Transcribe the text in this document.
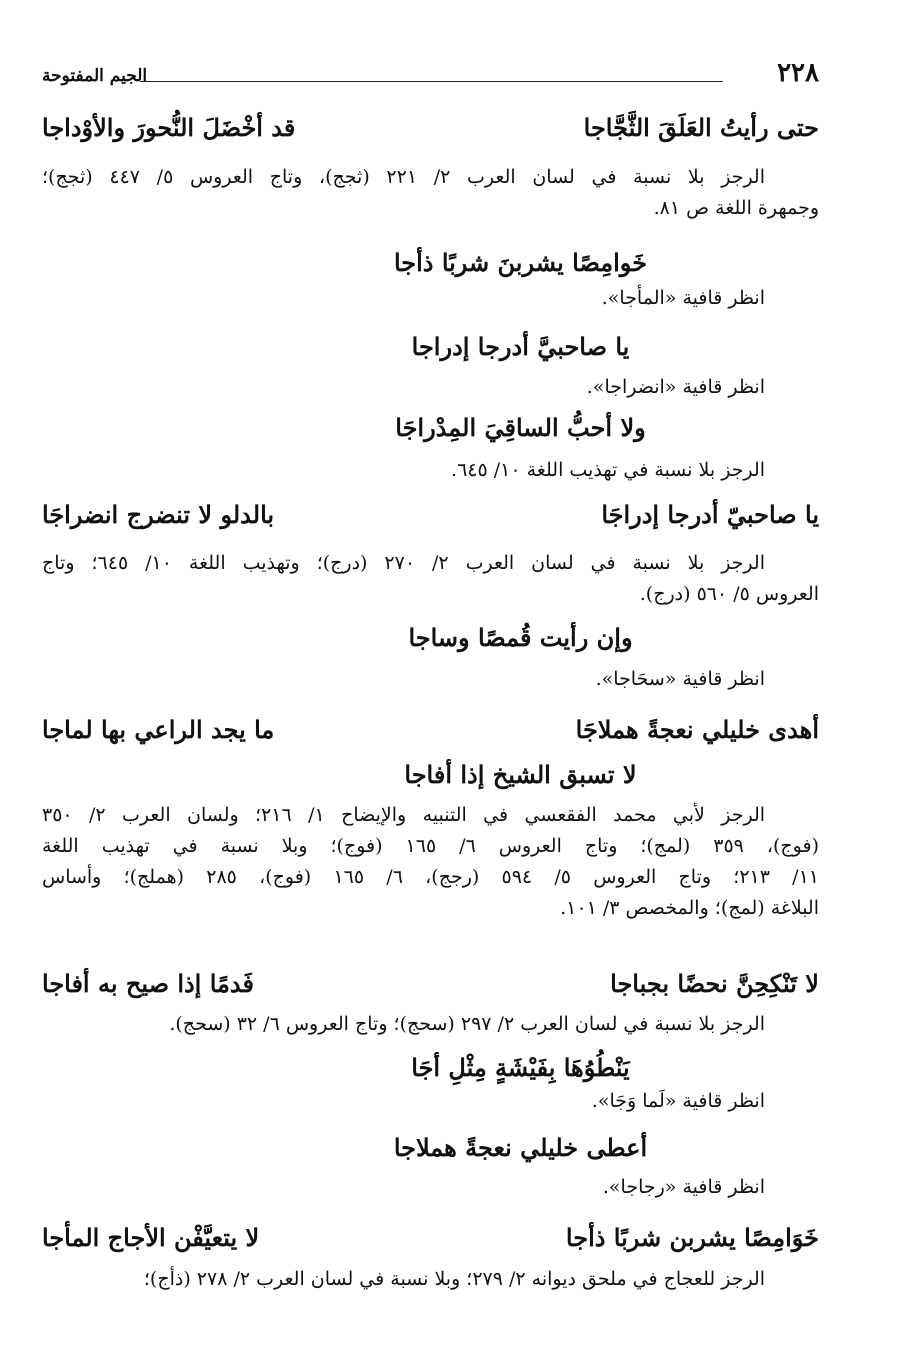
٢٢٨
الجيم المفتوحة
حتى رأيتُ العَلَقَ الثَّجَّاجا
قد أخْضَلَ النُّحورَ والأوْداجا
الرجز بلا نسبة في لسان العرب ٢/ ٢٢١ (ثجج)، وتاج العروس ٥/ ٤٤٧ (ثجج)؛
وجمهرة اللغة ص ٨١.
خَوامِصًا يشربنَ شربًا ذأجا
انظر قافية «المأجا».
يا صاحبيَّ أدرجا إدراجا
انظر قافية «انضراجا».
ولا أحبُّ الساقِيَ المِدْراجَا
الرجز بلا نسبة في تهذيب اللغة ١٠/ ٦٤٥.
يا صاحبيّ أدرجا إدراجَا
بالدلو لا تنضرج انضراجَا
الرجز بلا نسبة في لسان العرب ٢/ ٢٧٠ (درج)؛ وتهذيب اللغة ١٠/ ٦٤٥؛ وتاج
العروس ٥/ ٥٦٠ (درج).
وإن رأيت قُمصًا وساجا
انظر قافية «سحَاجا».
أهدى خليلي نعجةً هملاجَا
ما يجد الراعي بها لماجا
لا تسبق الشيخ إذا أفاجا
الرجز لأبي محمد الفقعسي في التنبيه والإيضاح ١/ ٢١٦؛ ولسان العرب ٢/ ٣٥٠
(فوج)، ٣٥٩ (لمج)؛ وتاج العروس ٦/ ١٦٥ (فوج)؛ وبلا نسبة في تهذيب اللغة
١١/ ٢١٣؛ وتاج العروس ٥/ ٥٩٤ (رجج)، ٦/ ١٦٥ (فوج)، ٢٨٥ (هملج)؛ وأساس
البلاغة (لمج)؛ والمخصص ٣/ ١٠١.
لا تَنْكِحِنَّ نحضًا بجباجا
فَدمًا إذا صيح به أفاجا
الرجز بلا نسبة في لسان العرب ٢/ ٢٩٧ (سحج)؛ وتاج العروس ٦/ ٣٢ (سحج).
يَنْطُوُهَا بِفَيْشَةٍ مِثْلِ أجَا
انظر قافية «لَما وَجَا».
أعطى خليلي نعجةً هملاجا
انظر قافية «رجاجا».
خَوَامِصًا يشربن شربًا ذأجا
لا يتعيَّفْن الأجاج المأجا
الرجز للعجاج في ملحق ديوانه ٢/ ٢٧٩؛ وبلا نسبة في لسان العرب ٢/ ٢٧٨ (ذأج)؛
